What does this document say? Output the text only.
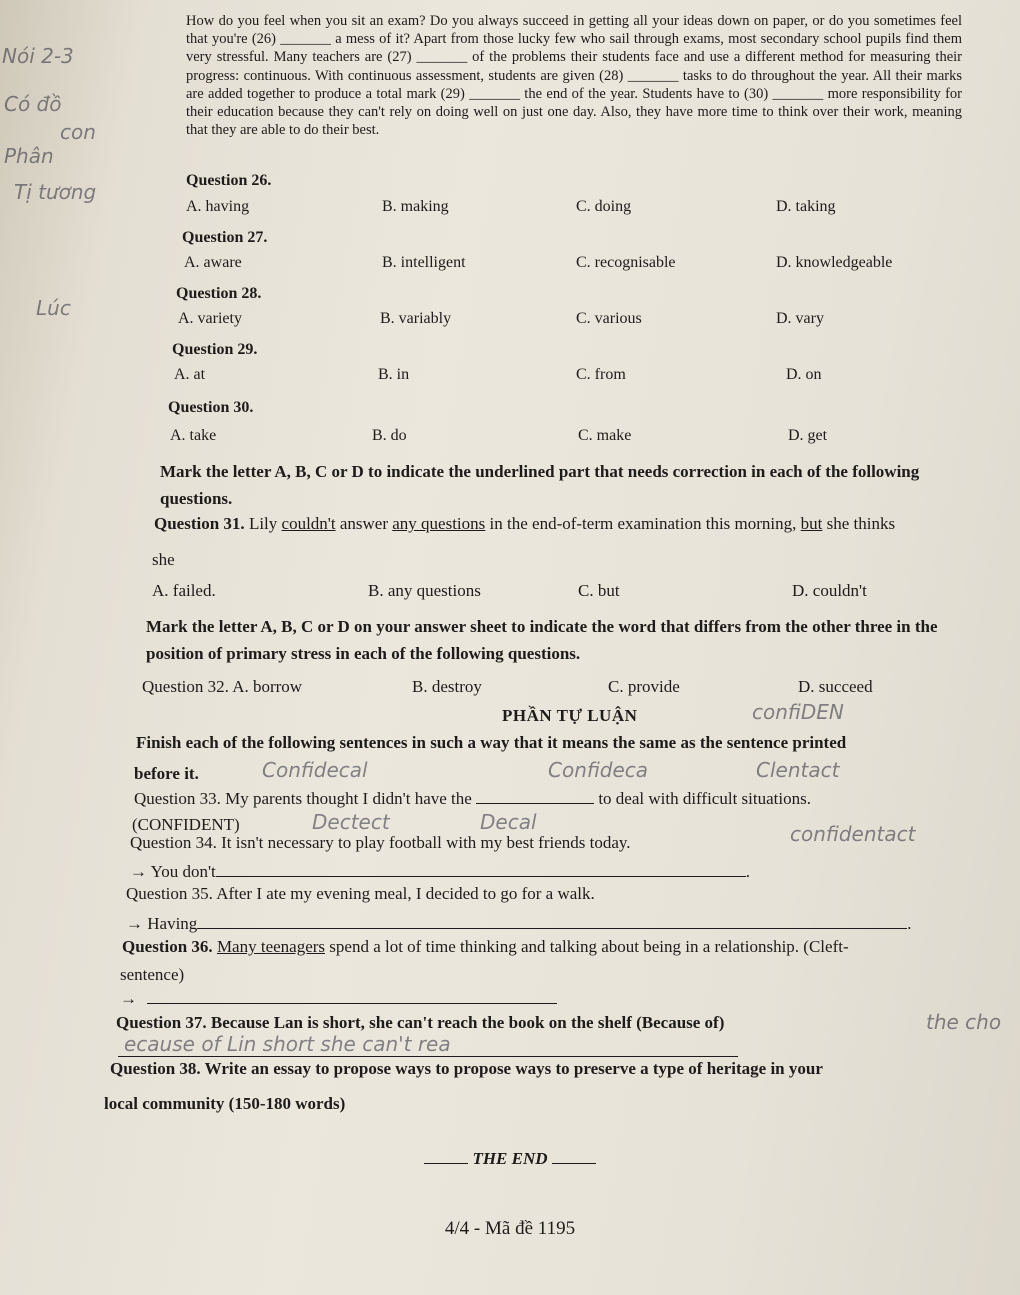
Nói 2-3
Có đồ
con
Phân
Tị tương
Lúc

How do you feel when you sit an exam? Do you always succeed in getting all your ideas down on paper, or do you sometimes feel that you're (26) _______ a mess of it? Apart from those lucky few who sail through exams, most secondary school pupils find them very stressful. Many teachers are (27) _______ of the problems their students face and use a different method for measuring their progress: continuous. With continuous assessment, students are given (28) _______ tasks to do throughout the year. All their marks are added together to produce a total mark (29) _______ the end of the year. Students have to (30) _______ more responsibility for their education because they can't rely on doing well on just one day. Also, they have more time to think over their work, meaning that they are able to do their best.

Question 26.
A. having	B. making	C. doing	D. taking
Question 27.
A. aware	B. intelligent	C. recognisable	D. knowledgeable
Question 28.
A. variety	B. variably	C. various	D. vary
Question 29.
A. at	B. in	C. from	D. on
Question 30.
A. take	B. do	C. make	D. get
Mark the letter A, B, C or D to indicate the underlined part that needs correction in each of the following questions.
Question 31. Lily couldn't answer any questions in the end-of-term examination this morning, but she thinks
she
A. failed.	B. any questions	C. but	D. couldn't
Mark the letter A, B, C or D on your answer sheet to indicate the word that differs from the other three in the position of primary stress in each of the following questions.
Question 32. A. borrow	B. destroy	C. provide	D. succeed
PHẦN TỰ LUẬN	confiDEN
Finish each of the following sentences in such a way that it means the same as the sentence printed
before it.	Confidecal	Confideca	Clentact
Question 33. My parents thought I didn't have the	to deal with difficult situations.
(CONFIDENT)	Dectect	Decal
Question 34. It isn't necessary to play football with my best friends today.	confidentact
→ You don't	.
Question 35. After I ate my evening meal, I decided to go for a walk.
→ Having	.
Question 36. Many teenagers spend a lot of time thinking and talking about being in a relationship. (Cleft-
sentence)
→
Question 37. Because Lan is short, she can't reach the book on the shelf (Because of)
ecause of Lin short she can't rea
the cho
Question 38. Write an essay to propose ways to propose ways to preserve a type of heritage in your
local community (150-180 words)
THE END
4/4 - Mã đề 1195
